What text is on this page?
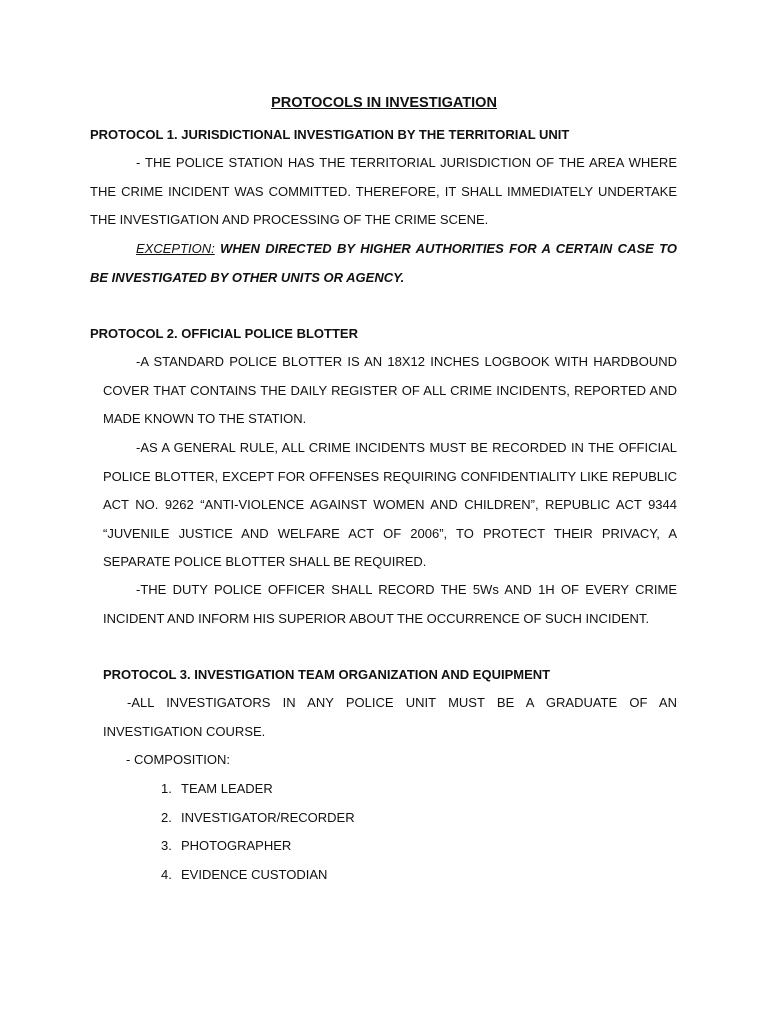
PROTOCOLS IN INVESTIGATION
PROTOCOL 1. JURISDICTIONAL INVESTIGATION BY THE TERRITORIAL UNIT
- THE POLICE STATION HAS THE TERRITORIAL JURISDICTION OF THE AREA WHERE THE CRIME INCIDENT WAS COMMITTED. THEREFORE, IT SHALL IMMEDIATELY UNDERTAKE THE INVESTIGATION AND PROCESSING OF THE CRIME SCENE.
EXCEPTION: WHEN DIRECTED BY HIGHER AUTHORITIES FOR A CERTAIN CASE TO BE INVESTIGATED BY OTHER UNITS OR AGENCY.
PROTOCOL 2. OFFICIAL POLICE BLOTTER
-A STANDARD POLICE BLOTTER IS AN 18X12 INCHES LOGBOOK WITH HARDBOUND COVER THAT CONTAINS THE DAILY REGISTER OF ALL CRIME INCIDENTS, REPORTED AND MADE KNOWN TO THE STATION.
-AS A GENERAL RULE, ALL CRIME INCIDENTS MUST BE RECORDED IN THE OFFICIAL POLICE BLOTTER, EXCEPT FOR OFFENSES REQUIRING CONFIDENTIALITY LIKE REPUBLIC ACT NO. 9262 “ANTI-VIOLENCE AGAINST WOMEN AND CHILDREN”, REPUBLIC ACT 9344 “JUVENILE JUSTICE AND WELFARE ACT OF 2006”, TO PROTECT THEIR PRIVACY, A SEPARATE POLICE BLOTTER SHALL BE REQUIRED.
-THE DUTY POLICE OFFICER SHALL RECORD THE 5Ws AND 1H OF EVERY CRIME INCIDENT AND INFORM HIS SUPERIOR ABOUT THE OCCURRENCE OF SUCH INCIDENT.
PROTOCOL 3. INVESTIGATION TEAM ORGANIZATION AND EQUIPMENT
-ALL INVESTIGATORS IN ANY POLICE UNIT MUST BE A GRADUATE OF AN INVESTIGATION COURSE.
- COMPOSITION:
1. TEAM LEADER
2. INVESTIGATOR/RECORDER
3. PHOTOGRAPHER
4. EVIDENCE CUSTODIAN
